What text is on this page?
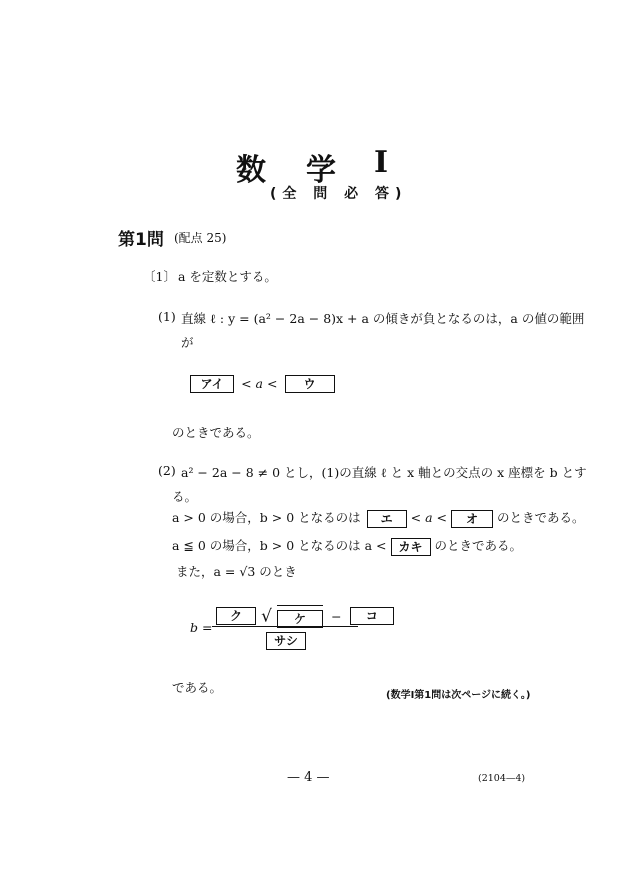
数 学 I
(全 問 必 答)
第1問 (配点 25)
〔1〕 a を定数とする。
(1) 直線 ℓ : y = (a² − 2a − 8)x + a の傾きが負となるのは，a の値の範囲
が
アイ < a < ウ
のときである。
(2) a² − 2a − 8 ≠ 0 とし，(1)の直線 ℓ と x 軸との交点の x 座標を b とす
る。
a > 0 の場合，b > 0 となるのは エ < a < オ のときである。
a ≦ 0 の場合，b > 0 となるのは a < カキ のときである。
また，a = √3 のとき
b =
ク √ ケ − コ
サシ
である。
(数学Ⅰ第1問は次ページに続く。)
— 4 —	(2104—4)
